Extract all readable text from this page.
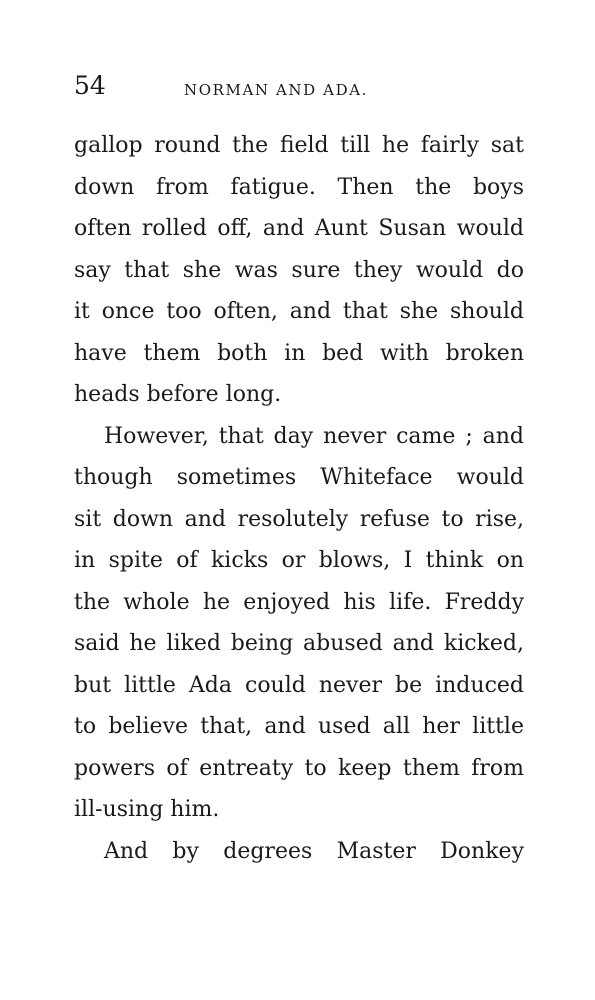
54	NORMAN AND ADA.
gallop round the field till he fairly sat
down from fatigue. Then the boys
often rolled off, and Aunt Susan would
say that she was sure they would do
it once too often, and that she should
have them both in bed with broken
heads before long.
However, that day never came ; and
though sometimes Whiteface would
sit down and resolutely refuse to rise,
in spite of kicks or blows, I think on
the whole he enjoyed his life. Freddy
said he liked being abused and kicked,
but little Ada could never be induced
to believe that, and used all her little
powers of entreaty to keep them from
ill-using him.
And by degrees Master Donkey
